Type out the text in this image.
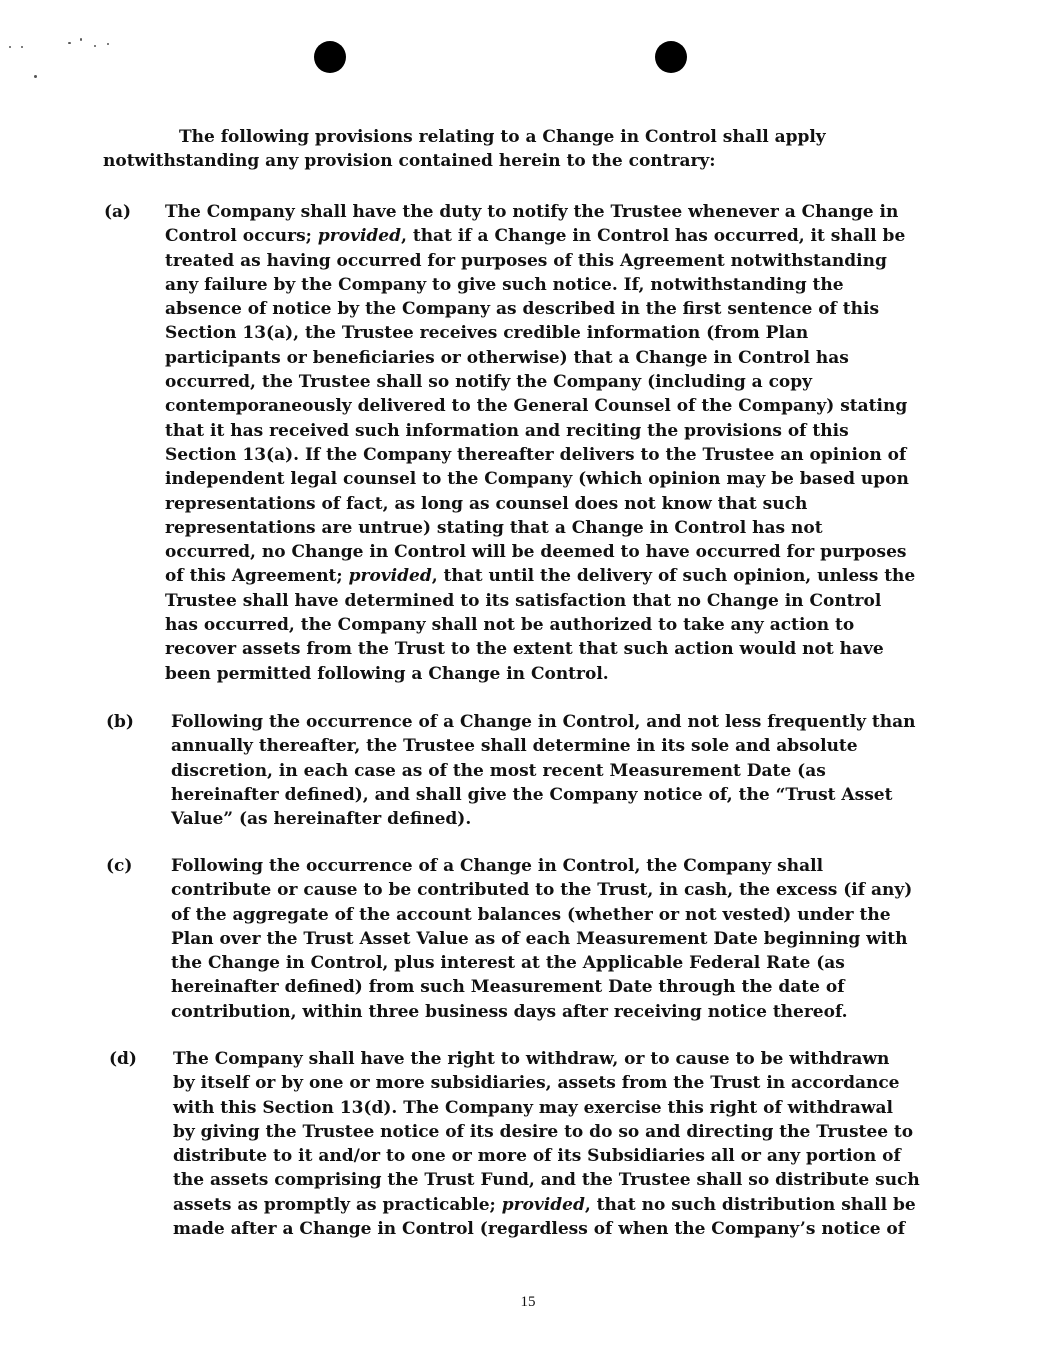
The following provisions relating to a Change in Control shall apply
notwithstanding any provision contained herein to the contrary:

(a) The Company shall have the duty to notify the Trustee whenever a Change in
Control occurs; provided, that if a Change in Control has occurred, it shall be
treated as having occurred for purposes of this Agreement notwithstanding
any failure by the Company to give such notice. If, notwithstanding the
absence of notice by the Company as described in the first sentence of this
Section 13(a), the Trustee receives credible information (from Plan
participants or beneficiaries or otherwise) that a Change in Control has
occurred, the Trustee shall so notify the Company (including a copy
contemporaneously delivered to the General Counsel of the Company) stating
that it has received such information and reciting the provisions of this
Section 13(a). If the Company thereafter delivers to the Trustee an opinion of
independent legal counsel to the Company (which opinion may be based upon
representations of fact, as long as counsel does not know that such
representations are untrue) stating that a Change in Control has not
occurred, no Change in Control will be deemed to have occurred for purposes
of this Agreement; provided, that until the delivery of such opinion, unless the
Trustee shall have determined to its satisfaction that no Change in Control
has occurred, the Company shall not be authorized to take any action to
recover assets from the Trust to the extent that such action would not have
been permitted following a Change in Control.
(b) Following the occurrence of a Change in Control, and not less frequently than
annually thereafter, the Trustee shall determine in its sole and absolute
discretion, in each case as of the most recent Measurement Date (as
hereinafter defined), and shall give the Company notice of, the “Trust Asset
Value” (as hereinafter defined).
(c) Following the occurrence of a Change in Control, the Company shall
contribute or cause to be contributed to the Trust, in cash, the excess (if any)
of the aggregate of the account balances (whether or not vested) under the
Plan over the Trust Asset Value as of each Measurement Date beginning with
the Change in Control, plus interest at the Applicable Federal Rate (as
hereinafter defined) from such Measurement Date through the date of
contribution, within three business days after receiving notice thereof.
(d) The Company shall have the right to withdraw, or to cause to be withdrawn
by itself or by one or more subsidiaries, assets from the Trust in accordance
with this Section 13(d). The Company may exercise this right of withdrawal
by giving the Trustee notice of its desire to do so and directing the Trustee to
distribute to it and/or to one or more of its Subsidiaries all or any portion of
the assets comprising the Trust Fund, and the Trustee shall so distribute such
assets as promptly as practicable; provided, that no such distribution shall be
made after a Change in Control (regardless of when the Company’s notice of
15
